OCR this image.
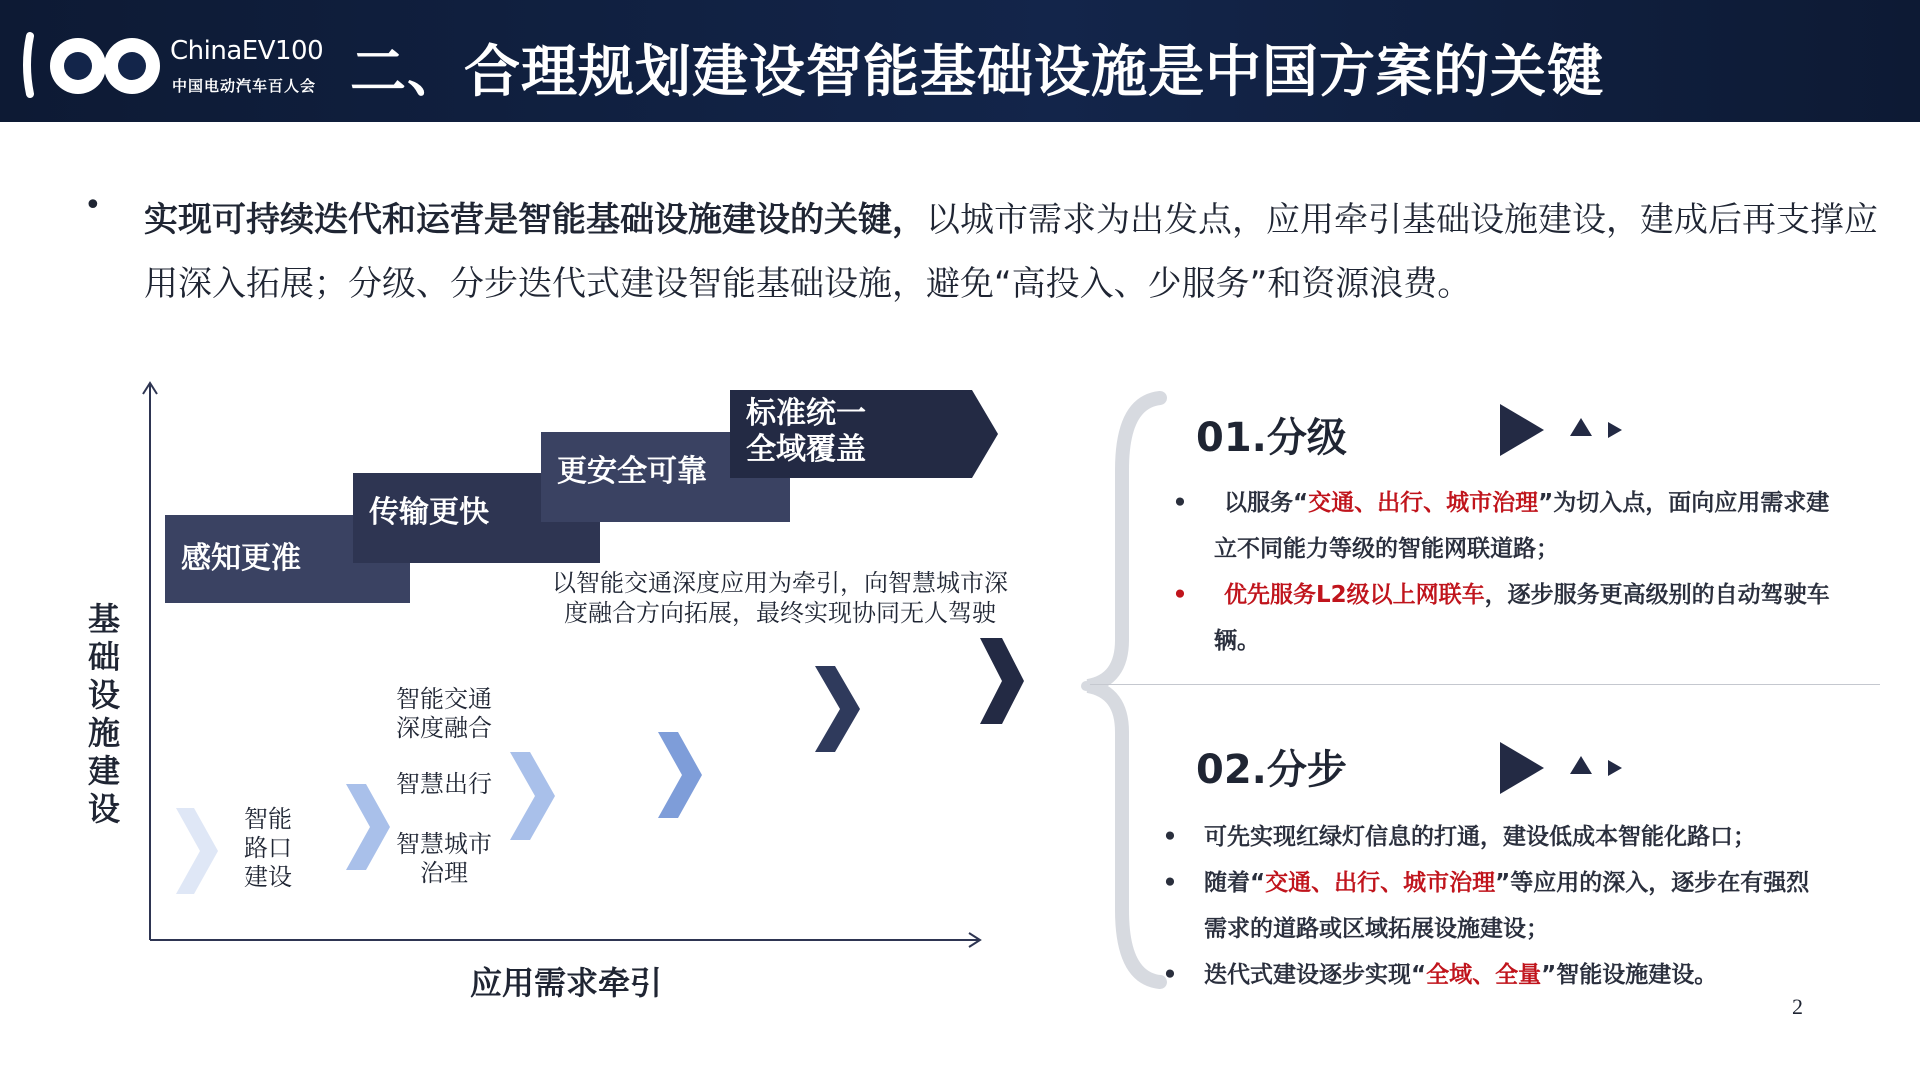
ChinaEV100
中国电动汽车百人会 二、合理规划建设智能基础设施是中国方案的关键
• 实现可持续迭代和运营是智能基础设施建设的关键，以城市需求为出发点，应用牵引基础设施建设，建成后再支撑应用深入拓展；分级、分步迭代式建设智能基础设施，避免“高投入、少服务”和资源浪费。
基
础
设
施
建
设
应用需求牵引
感知更准
传输更快
更安全可靠
标准统一
全域覆盖
以智能交通深度应用为牵引，向智慧城市深度融合方向拓展，最终实现协同无人驾驶
智能
路口
建设
智能交通
深度融合
智慧出行
智慧城市
治理
01.分级
• 以服务“交通、出行、城市治理”为切入点，面向应用需求建立不同能力等级的智能网联道路；
• 优先服务L2级以上网联车，逐步服务更高级别的自动驾驶车辆。
02.分步
• 可先实现红绿灯信息的打通，建设低成本智能化路口；
• 随着“交通、出行、城市治理”等应用的深入，逐步在有强烈需求的道路或区域拓展设施建设；
• 迭代式建设逐步实现“全域、全量”智能设施建设。
2
